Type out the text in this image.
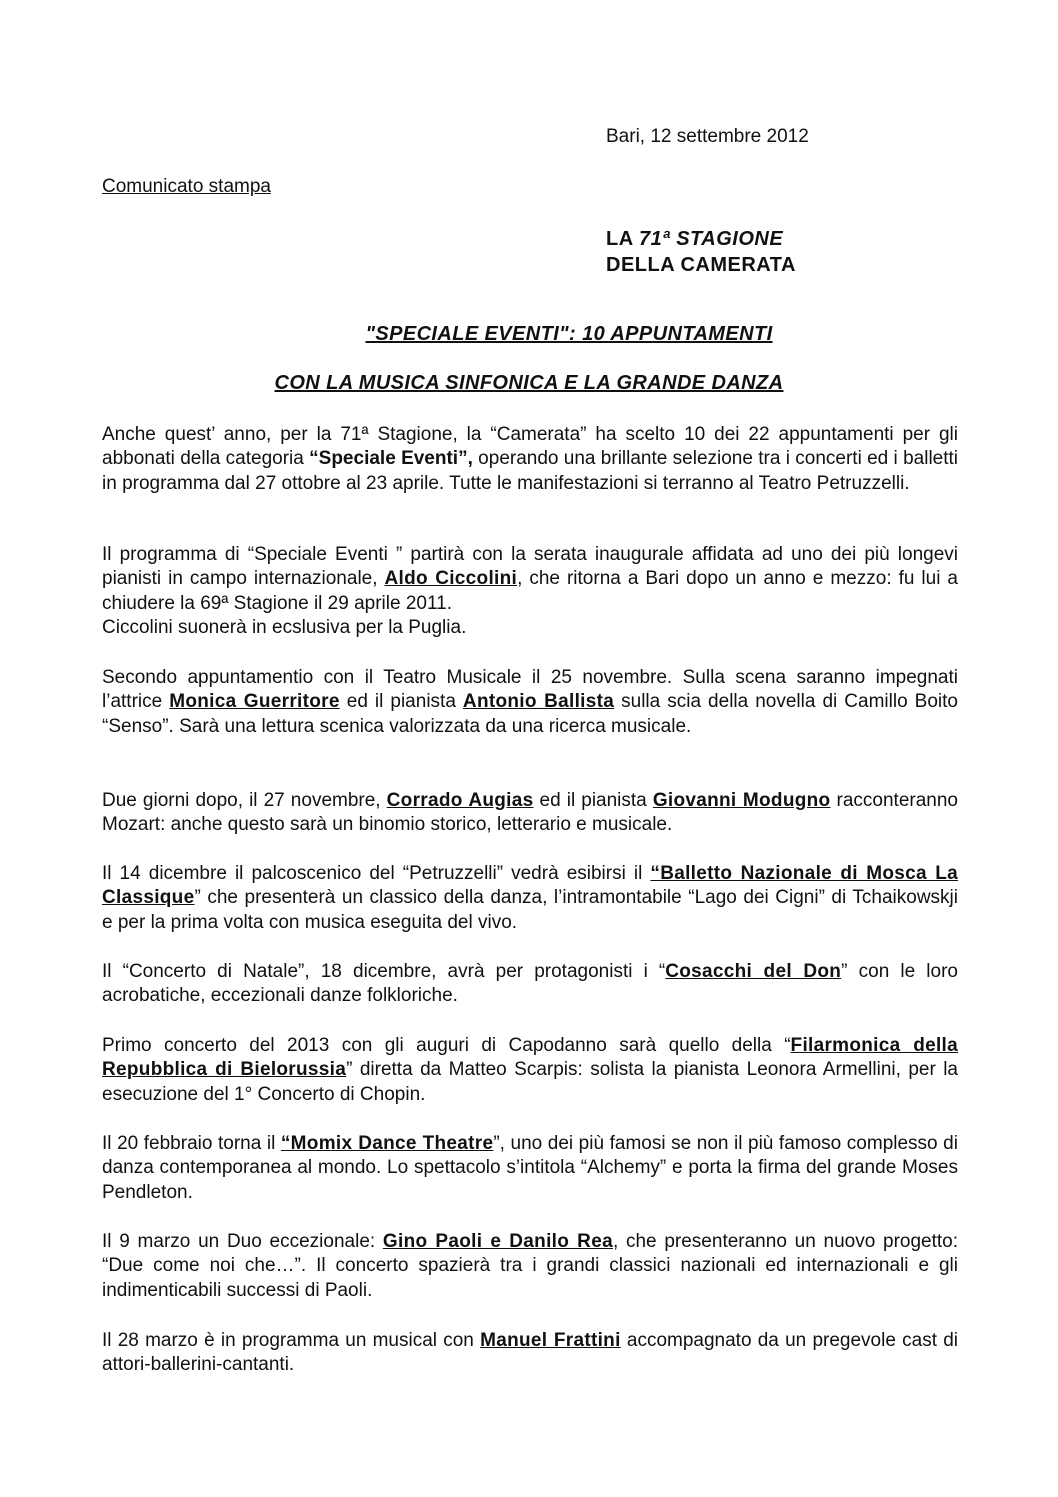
Bari, 12 settembre 2012
Comunicato stampa
LA 71ª STAGIONE
DELLA CAMERATA
"SPECIALE EVENTI": 10 APPUNTAMENTI
CON LA MUSICA SINFONICA E LA GRANDE DANZA
Anche quest’ anno, per la 71ª Stagione, la “Camerata” ha scelto 10 dei 22 appuntamenti per gli abbonati della categoria “Speciale Eventi”, operando una brillante selezione tra i concerti ed i balletti in programma dal 27 ottobre al 23 aprile. Tutte le manifestazioni si terranno al Teatro Petruzzelli.
Il programma di “Speciale Eventi ” partirà con la serata inaugurale affidata ad uno dei più longevi pianisti in campo internazionale, Aldo Ciccolini, che ritorna a Bari dopo un anno e mezzo: fu lui a chiudere la 69ª Stagione il 29 aprile 2011.
Ciccolini suonerà in ecslusiva per la Puglia.
Secondo appuntamentio con il Teatro Musicale il 25 novembre. Sulla scena saranno impegnati l’attrice Monica Guerritore ed il pianista Antonio Ballista sulla scia della novella di Camillo Boito “Senso”. Sarà una lettura scenica valorizzata da una ricerca musicale.
Due giorni dopo, il 27 novembre, Corrado Augias ed il pianista Giovanni Modugno racconteranno Mozart: anche questo sarà un binomio storico, letterario e musicale.
Il 14 dicembre il palcoscenico del “Petruzzelli” vedrà esibirsi il “Balletto Nazionale di Mosca La Classique” che presenterà un classico della danza, l’intramontabile “Lago dei Cigni” di Tchaikowskji e per la prima volta con musica eseguita del vivo.
Il “Concerto di Natale”, 18 dicembre, avrà per protagonisti i “Cosacchi del Don” con le loro acrobatiche, eccezionali danze folkloriche.
Primo concerto del 2013 con gli auguri di Capodanno sarà quello della “Filarmonica della Repubblica di Bielorussia” diretta da Matteo Scarpis: solista la pianista Leonora Armellini, per la esecuzione del 1° Concerto di Chopin.
Il 20 febbraio torna il “Momix Dance Theatre”, uno dei più famosi se non il più famoso complesso di danza contemporanea al mondo. Lo spettacolo s’intitola “Alchemy” e porta la firma del grande Moses Pendleton.
Il 9 marzo un Duo eccezionale: Gino Paoli e Danilo Rea, che presenteranno un nuovo progetto: “Due come noi che…”. Il concerto spazierà tra i grandi classici nazionali ed internazionali e gli indimenticabili successi di Paoli.
Il 28 marzo è in programma un musical con Manuel Frattini accompagnato da un pregevole cast di attori-ballerini-cantanti.
